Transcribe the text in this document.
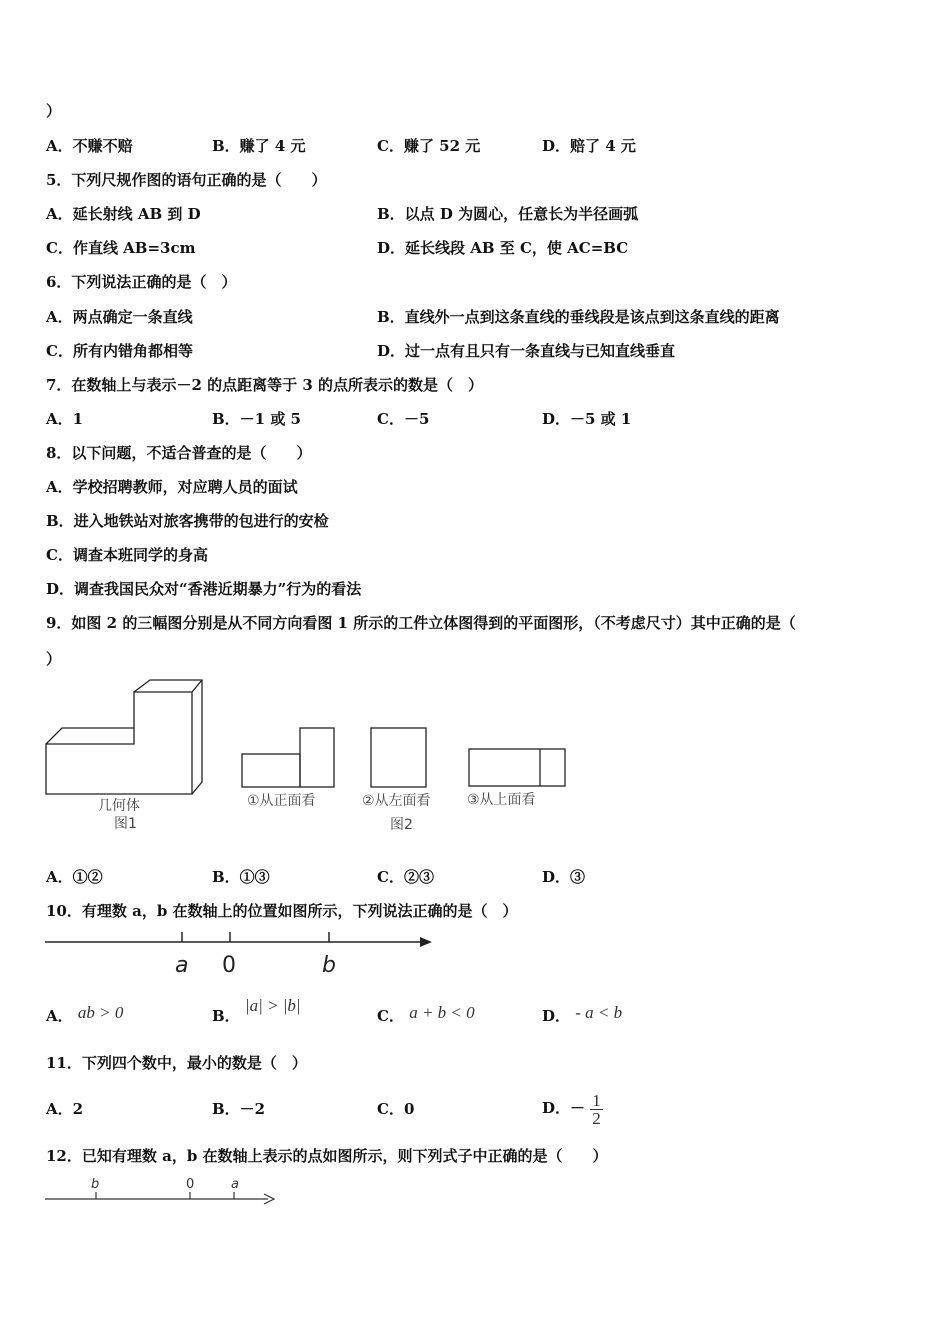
）
A．不赚不赔	B．赚了 4 元	C．赚了 52 元	D．赔了 4 元
5．下列尺规作图的语句正确的是（　　）
A．延长射线 AB 到 D	B．以点 D 为圆心，任意长为半径画弧
C．作直线 AB=3cm	D．延长线段 AB 至 C，使 AC=BC
6．下列说法正确的是（　）
A．两点确定一条直线	B．直线外一点到这条直线的垂线段是该点到这条直线的距离
C．所有内错角都相等	D．过一点有且只有一条直线与已知直线垂直
7．在数轴上与表示－2 的点距离等于 3 的点所表示的数是（　）
A．1	B．－1 或 5	C．－5	D．－5 或 1
8．以下问题，不适合普查的是（　　）
A．学校招聘教师，对应聘人员的面试
B．进入地铁站对旅客携带的包进行的安检
C．调查本班同学的身高
D．调查我国民众对“香港近期暴力”行为的看法
9．如图 2 的三幅图分别是从不同方向看图 1 所示的工件立体图得到的平面图形，（不考虑尺寸）其中正确的是（
）
几何体
图1
①从正面看	②从左面看
图2
③从上面看
A．①②	B．①③	C．②③	D．③
10．有理数 a，b 在数轴上的位置如图所示，下列说法正确的是（　）
a 0	b
A． ab > 0	B． |a| > |b|
C． a + b < 0	D． - a < b
11．下列四个数中，最小的数是（　）
A．2	B．－2	C．0	D．－ $\frac{1}{2}$
12．已知有理数 a，b 在数轴上表示的点如图所示，则下列式子中正确的是（　　）
b	0	a
